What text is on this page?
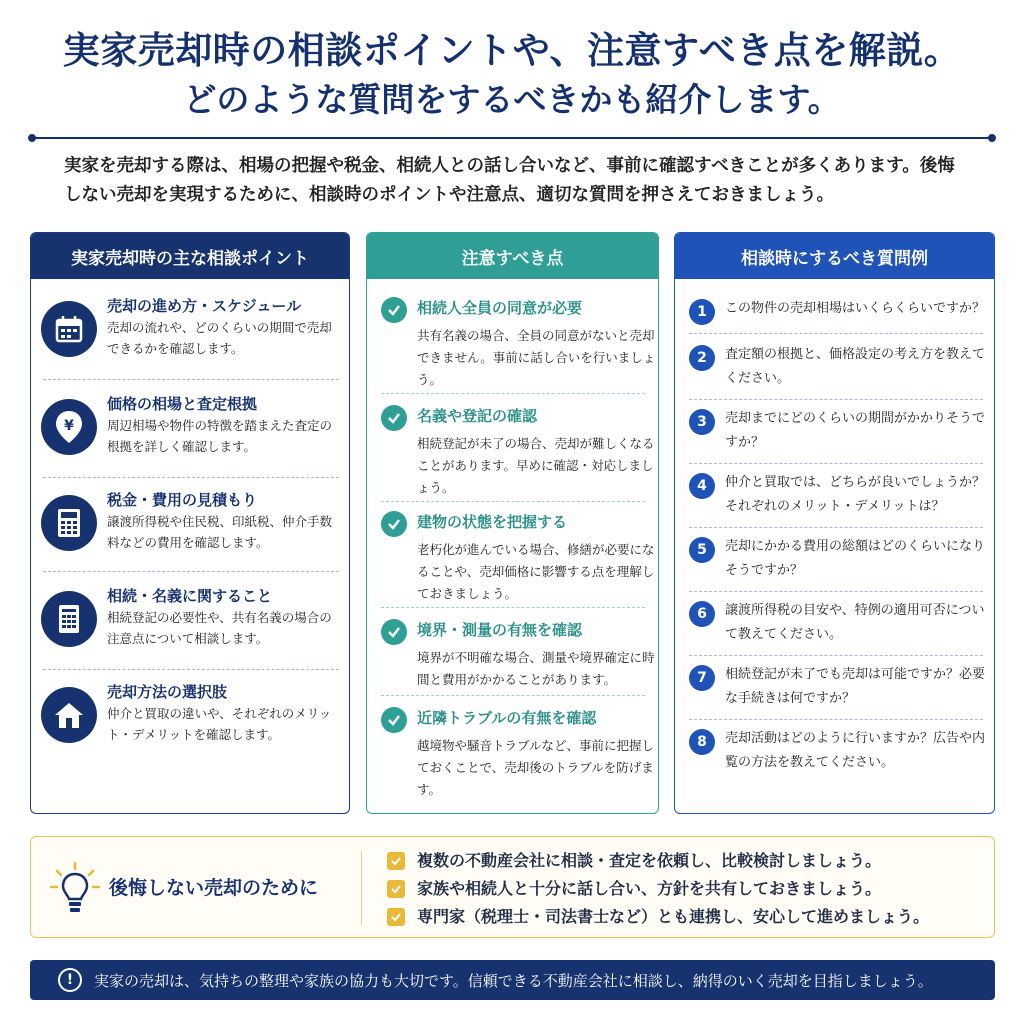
実家売却時の相談ポイントや、注意すべき点を解説。
どのような質問をするべきかも紹介します。

実家を売却する際は、相場の把握や税金、相続人との話し合いなど、事前に確認すべきことが多くあります。後悔しない売却を実現するために、相談時のポイントや注意点、適切な質問を押さえておきましょう。

実家売却時の主な相談ポイント
売却の進め方・スケジュール
売却の流れや、どのくらいの期間で売却できるかを確認します。
¥
価格の相場と査定根拠
周辺相場や物件の特徴を踏まえた査定の根拠を詳しく確認します。
税金・費用の見積もり
譲渡所得税や住民税、印紙税、仲介手数料などの費用を確認します。
相続・名義に関すること
相続登記の必要性や、共有名義の場合の注意点について相談します。
売却方法の選択肢
仲介と買取の違いや、それぞれのメリット・デメリットを確認します。
注意すべき点
相続人全員の同意が必要
共有名義の場合、全員の同意がないと売却できません。事前に話し合いを行いましょう。
名義や登記の確認
相続登記が未了の場合、売却が難しくなることがあります。早めに確認・対応しましょう。
建物の状態を把握する
老朽化が進んでいる場合、修繕が必要になることや、売却価格に影響する点を理解しておきましょう。
境界・測量の有無を確認
境界が不明確な場合、測量や境界確定に時間と費用がかかることがあります。
近隣トラブルの有無を確認
越境物や騒音トラブルなど、事前に把握しておくことで、売却後のトラブルを防げます。
相談時にするべき質問例
1	この物件の売却相場はいくらくらいですか？
2	査定額の根拠と、価格設定の考え方を教えてください。
3	売却までにどのくらいの期間がかかりそうですか？
4	仲介と買取では、どちらが良いでしょうか？それぞれのメリット・デメリットは？
5	売却にかかる費用の総額はどのくらいになりそうですか？
6	譲渡所得税の目安や、特例の適用可否について教えてください。
7	相続登記が未了でも売却は可能ですか？必要な手続きは何ですか？
8	売却活動はどのように行いますか？広告や内覧の方法を教えてください。
後悔しない売却のために
複数の不動産会社に相談・査定を依頼し、比較検討しましょう。
家族や相続人と十分に話し合い、方針を共有しておきましょう。
専門家（税理士・司法書士など）とも連携し、安心して進めましょう。
!	実家の売却は、気持ちの整理や家族の協力も大切です。信頼できる不動産会社に相談し、納得のいく売却を目指しましょう。
